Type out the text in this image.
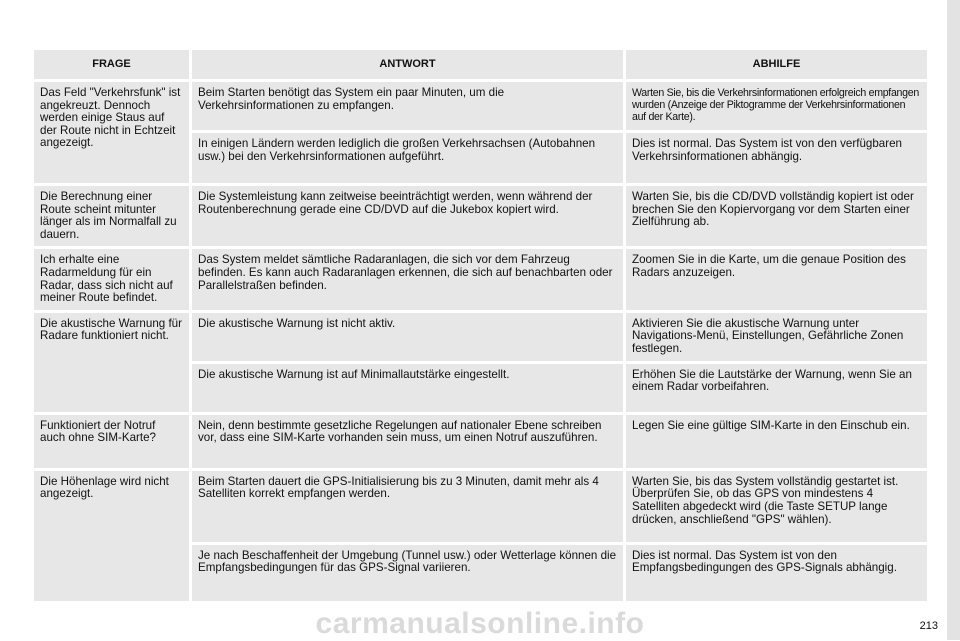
FRAGE	ANTWORT	ABHILFE
Das Feld "Verkehrsfunk" ist angekreuzt. Dennoch werden einige Staus auf der Route nicht in Echtzeit angezeigt.	Beim Starten benötigt das System ein paar Minuten, um die Verkehrsinformationen zu empfangen.	Warten Sie, bis die Verkehrsinformationen erfolgreich empfangen wurden (Anzeige der Piktogramme der Verkehrsinformationen auf der Karte).
	In einigen Ländern werden lediglich die großen Verkehrsachsen (Autobahnen usw.) bei den Verkehrsinformationen aufgeführt.	Dies ist normal. Das System ist von den verfügbaren Verkehrsinformationen abhängig.
Die Berechnung einer Route scheint mitunter länger als im Normalfall zu dauern.	Die Systemleistung kann zeitweise beeinträchtigt werden, wenn während der Routenberechnung gerade eine CD/DVD auf die Jukebox kopiert wird.	Warten Sie, bis die CD/DVD vollständig kopiert ist oder brechen Sie den Kopiervorgang vor dem Starten einer Zielführung ab.
Ich erhalte eine Radarmeldung für ein Radar, dass sich nicht auf meiner Route befindet.	Das System meldet sämtliche Radaranlagen, die sich vor dem Fahrzeug befinden. Es kann auch Radaranlagen erkennen, die sich auf benachbarten oder Parallelstraßen befinden.	Zoomen Sie in die Karte, um die genaue Position des Radars anzuzeigen.
Die akustische Warnung für Radare funktioniert nicht.	Die akustische Warnung ist nicht aktiv.	Aktivieren Sie die akustische Warnung unter Navigations-Menü, Einstellungen, Gefährliche Zonen festlegen.
	Die akustische Warnung ist auf Minimallautstärke eingestellt.	Erhöhen Sie die Lautstärke der Warnung, wenn Sie an einem Radar vorbeifahren.
Funktioniert der Notruf auch ohne SIM-Karte?	Nein, denn bestimmte gesetzliche Regelungen auf nationaler Ebene schreiben vor, dass eine SIM-Karte vorhanden sein muss, um einen Notruf auszuführen.	Legen Sie eine gültige SIM-Karte in den Einschub ein.
Die Höhenlage wird nicht angezeigt.	Beim Starten dauert die GPS-Initialisierung bis zu 3 Minuten, damit mehr als 4 Satelliten korrekt empfangen werden.	Warten Sie, bis das System vollständig gestartet ist. Überprüfen Sie, ob das GPS von mindestens 4 Satelliten abgedeckt wird (die Taste SETUP lange drücken, anschließend "GPS" wählen).
	Je nach Beschaffenheit der Umgebung (Tunnel usw.) oder Wetterlage können die Empfangsbedingungen für das GPS-Signal variieren.	Dies ist normal. Das System ist von den Empfangsbedingungen des GPS-Signals abhängig.
carmanualsonline.info	213
